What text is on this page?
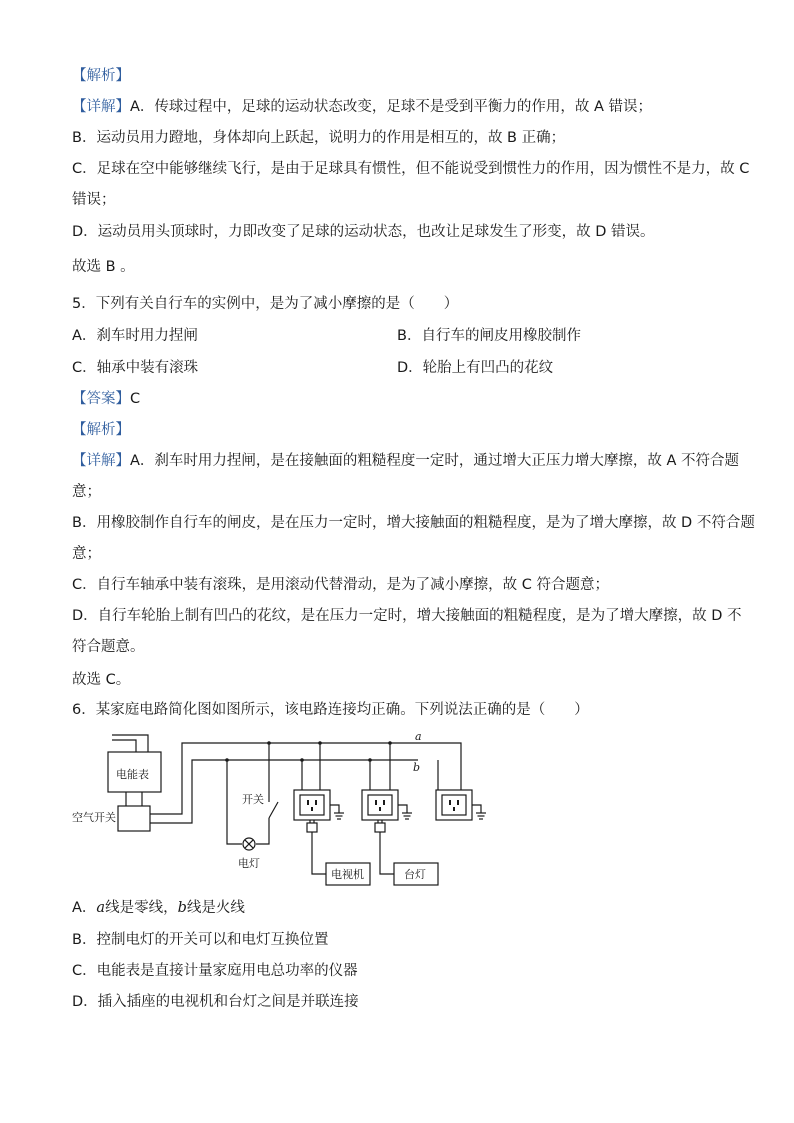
【解析】
【详解】A．传球过程中，足球的运动状态改变，足球不是受到平衡力的作用，故 A 错误；
B．运动员用力蹬地，身体却向上跃起，说明力的作用是相互的，故 B 正确；
C．足球在空中能够继续飞行，是由于足球具有惯性，但不能说受到惯性力的作用，因为惯性不是力，故 C
错误；
D．运动员用头顶球时，力即改变了足球的运动状态，也改让足球发生了形变，故 D 错误。
故选 B 。
5．下列有关自行车的实例中，是为了减小摩擦的是（　　）
A．刹车时用力捏闸	B．自行车的闸皮用橡胶制作
C．轴承中装有滚珠	D．轮胎上有凹凸的花纹
【答案】C
【解析】
【详解】A．刹车时用力捏闸，是在接触面的粗糙程度一定时，通过增大正压力增大摩擦，故 A 不符合题
意；
B．用橡胶制作自行车的闸皮，是在压力一定时，增大接触面的粗糙程度，是为了增大摩擦，故 D 不符合题
意；
C．自行车轴承中装有滚珠，是用滚动代替滑动，是为了减小摩擦，故 C 符合题意；
D．自行车轮胎上制有凹凸的花纹，是在压力一定时，增大接触面的粗糙程度，是为了增大摩擦，故 D 不
符合题意。
故选 C。
6．某家庭电路简化图如图所示，该电路连接均正确。下列说法正确的是（　　）
电能表
空气开关
开关
电灯
电视机	台灯
a
b
A．a线是零线，b线是火线
B．控制电灯的开关可以和电灯互换位置
C．电能表是直接计量家庭用电总功率的仪器
D．插入插座的电视机和台灯之间是并联连接
